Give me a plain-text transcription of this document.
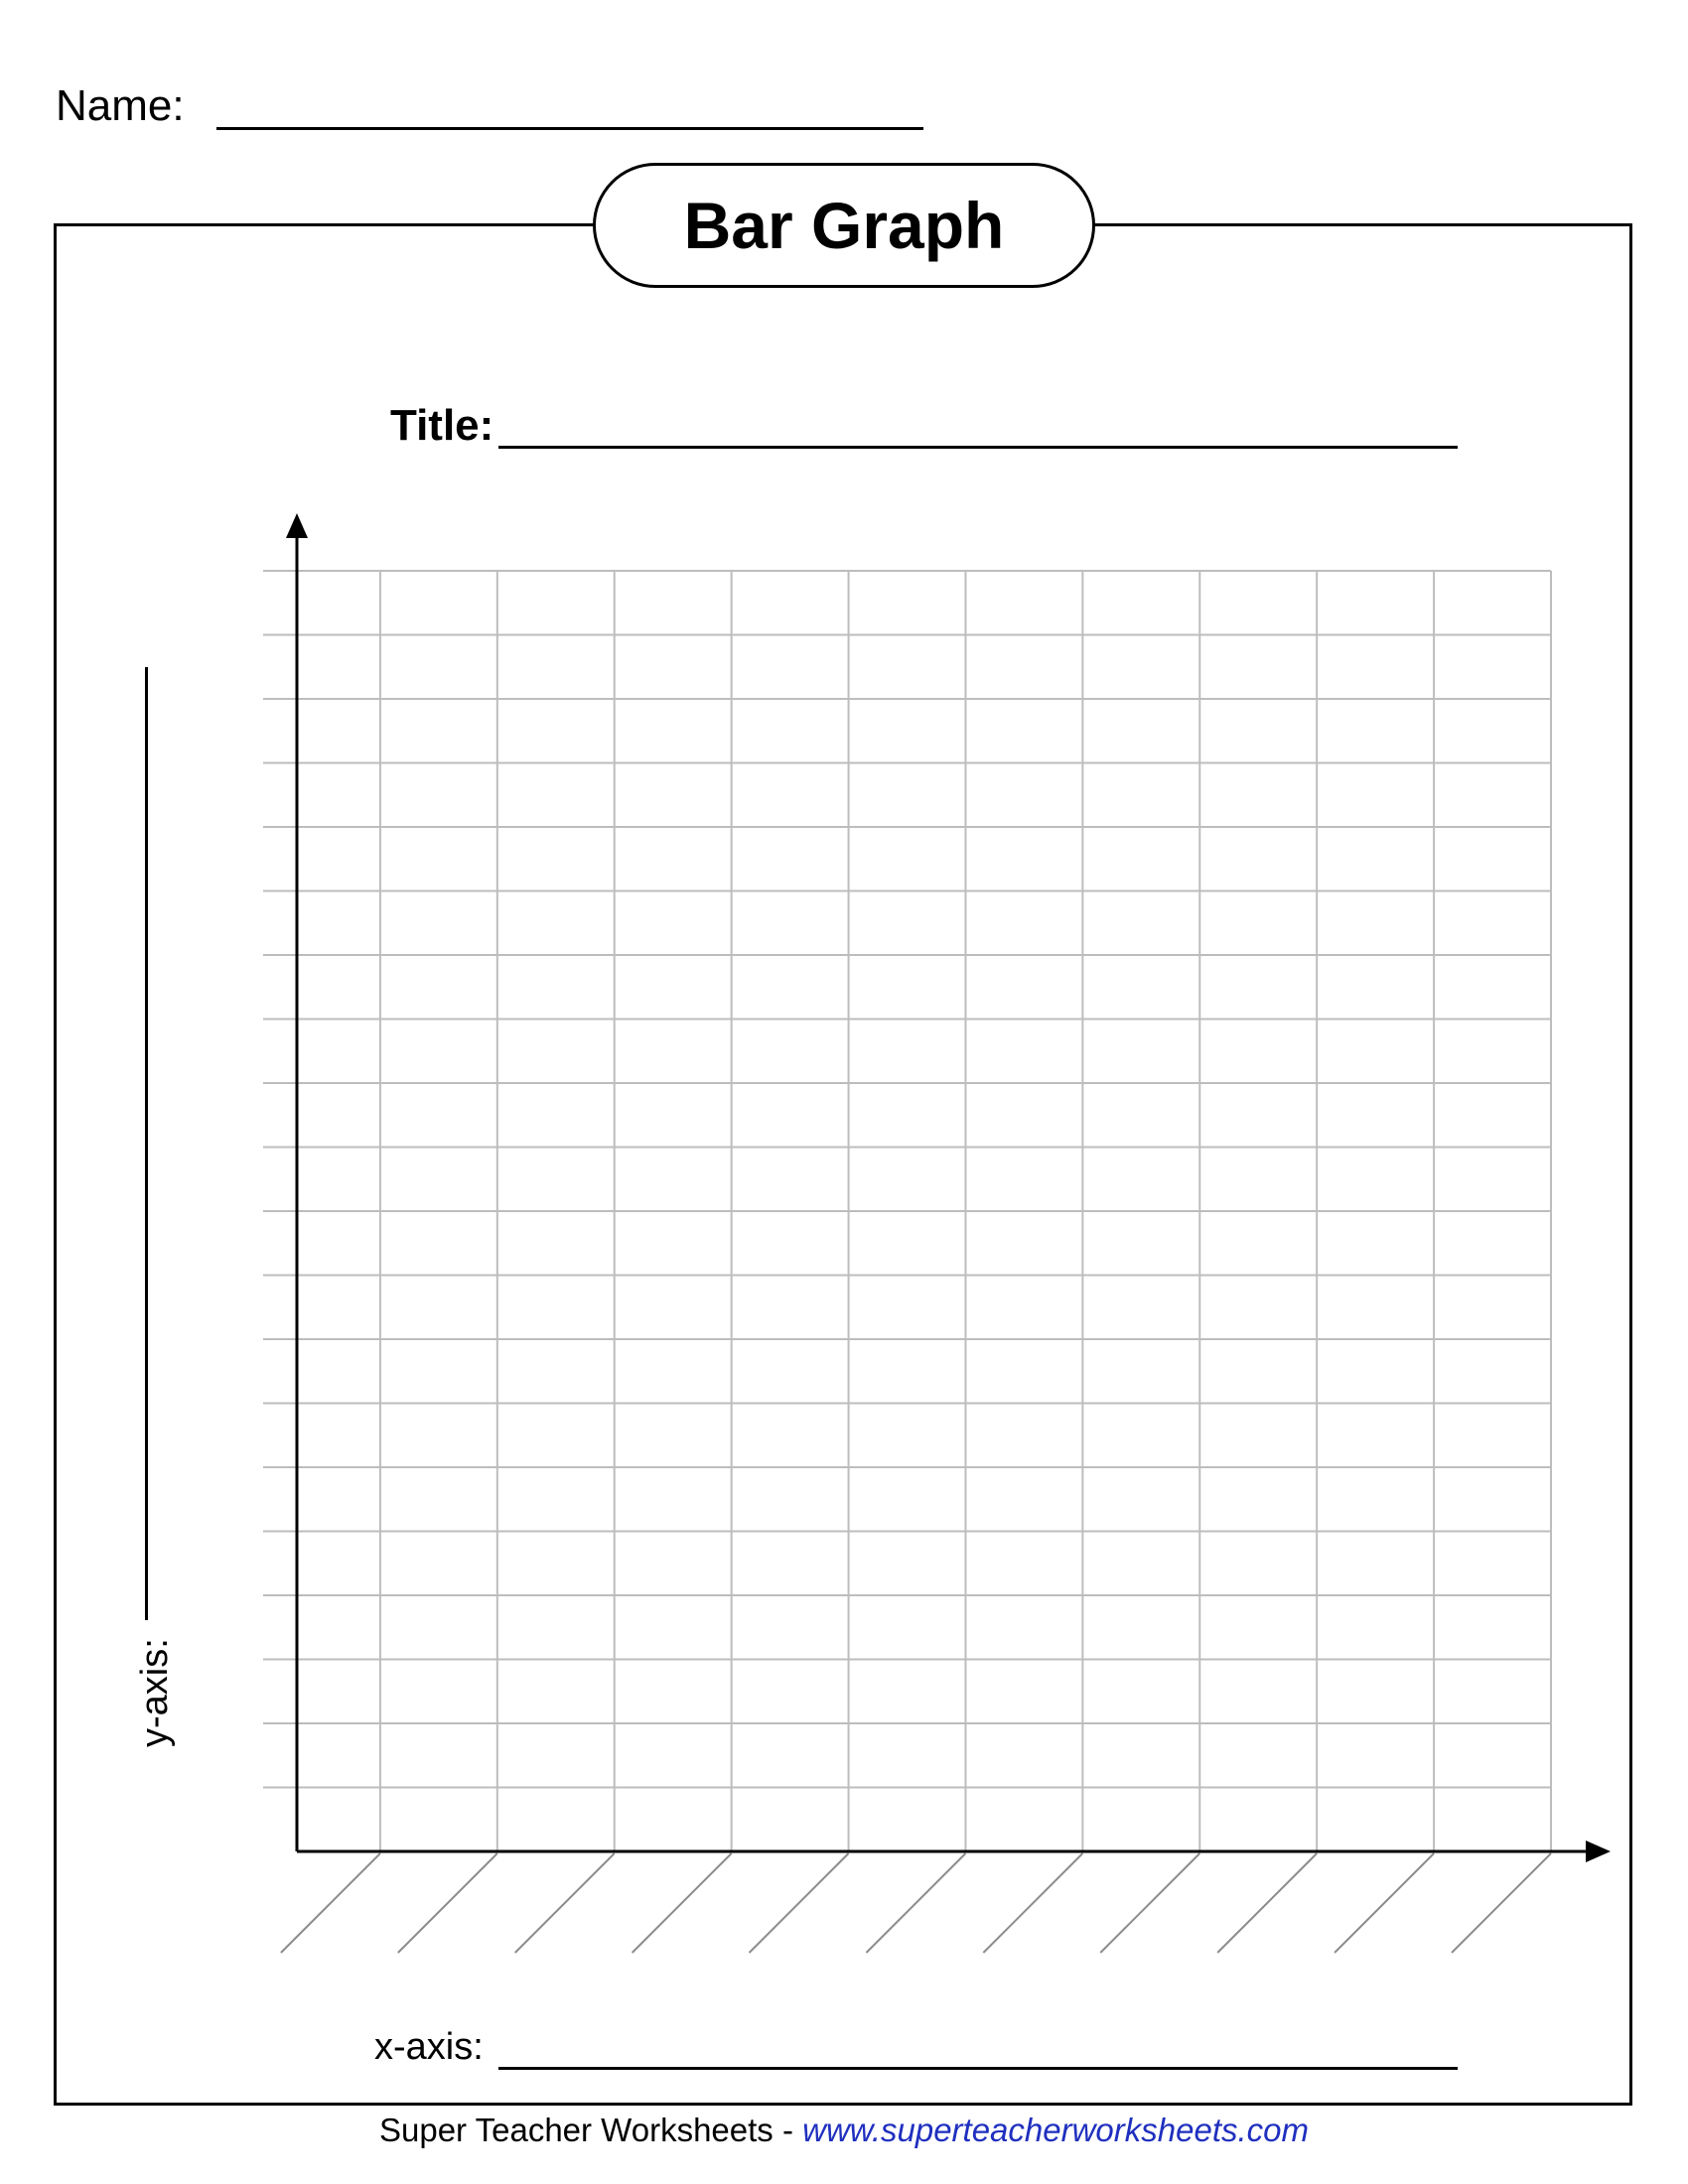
Name:
Bar Graph
Title:
y-axis:
x-axis:
Super Teacher Worksheets - www.superteacherworksheets.com
